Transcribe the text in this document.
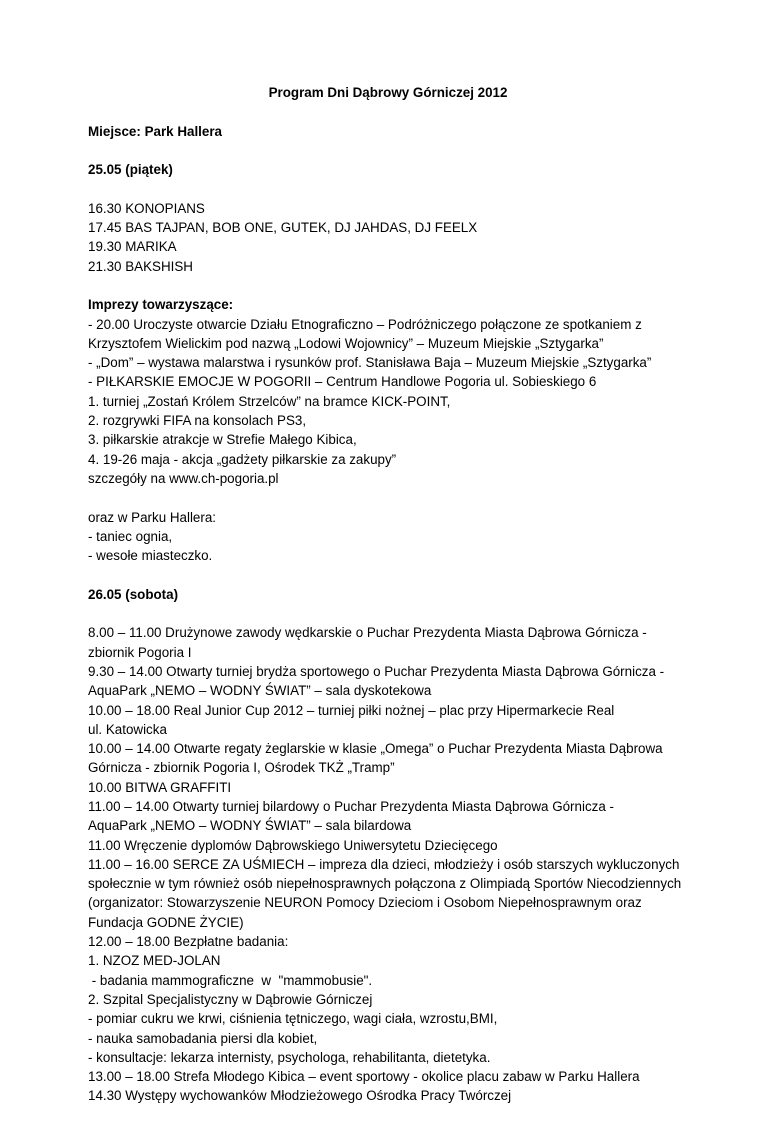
Program Dni Dąbrowy Górniczej 2012
Miejsce: Park Hallera
25.05 (piątek)
16.30 KONOPIANS
17.45 BAS TAJPAN, BOB ONE, GUTEK, DJ JAHDAS, DJ FEELX
19.30 MARIKA
21.30 BAKSHISH
Imprezy towarzyszące:
- 20.00 Uroczyste otwarcie Działu Etnograficzno – Podróżniczego połączone ze spotkaniem z
Krzysztofem Wielickim pod nazwą „Lodowi Wojownicy” – Muzeum Miejskie „Sztygarka”
- „Dom” – wystawa malarstwa i rysunków prof. Stanisława Baja – Muzeum Miejskie „Sztygarka”
- PIŁKARSKIE EMOCJE W POGORII – Centrum Handlowe Pogoria ul. Sobieskiego 6
1. turniej „Zostań Królem Strzelców” na bramce KICK-POINT,
2. rozgrywki FIFA na konsolach PS3,
3. piłkarskie atrakcje w Strefie Małego Kibica,
4. 19-26 maja - akcja „gadżety piłkarskie za zakupy”
szczegóły na www.ch-pogoria.pl
oraz w Parku Hallera:
- taniec ognia,
- wesołe miasteczko.
26.05 (sobota)
8.00 – 11.00 Drużynowe zawody wędkarskie o Puchar Prezydenta Miasta Dąbrowa Górnicza -
zbiornik Pogoria I
9.30 – 14.00 Otwarty turniej brydża sportowego o Puchar Prezydenta Miasta Dąbrowa Górnicza -
AquaPark „NEMO – WODNY ŚWIAT” – sala dyskotekowa
10.00 – 18.00 Real Junior Cup 2012 – turniej piłki nożnej – plac przy Hipermarkecie Real
ul. Katowicka
10.00 – 14.00 Otwarte regaty żeglarskie w klasie „Omega” o Puchar Prezydenta Miasta Dąbrowa
Górnicza - zbiornik Pogoria I, Ośrodek TKŻ „Tramp”
10.00 BITWA GRAFFITI
11.00 – 14.00 Otwarty turniej bilardowy o Puchar Prezydenta Miasta Dąbrowa Górnicza -
AquaPark „NEMO – WODNY ŚWIAT” – sala bilardowa
11.00 Wręczenie dyplomów Dąbrowskiego Uniwersytetu Dziecięcego
11.00 – 16.00 SERCE ZA UŚMIECH – impreza dla dzieci, młodzieży i osób starszych wykluczonych
społecznie w tym również osób niepełnosprawnych połączona z Olimpiadą Sportów Niecodziennych
(organizator: Stowarzyszenie NEURON Pomocy Dzieciom i Osobom Niepełnosprawnym oraz
Fundacja GODNE ŻYCIE)
12.00 – 18.00 Bezpłatne badania:
1. NZOZ MED-JOLAN
- badania mammograficzne  w  "mammobusie".
2. Szpital Specjalistyczny w Dąbrowie Górniczej
- pomiar cukru we krwi, ciśnienia tętniczego, wagi ciała, wzrostu,BMI,
- nauka samobadania piersi dla kobiet,
- konsultacje: lekarza internisty, psychologa, rehabilitanta, dietetyka.
13.00 – 18.00 Strefa Młodego Kibica – event sportowy - okolice placu zabaw w Parku Hallera
14.30 Występy wychowanków Młodzieżowego Ośrodka Pracy Twórczej
